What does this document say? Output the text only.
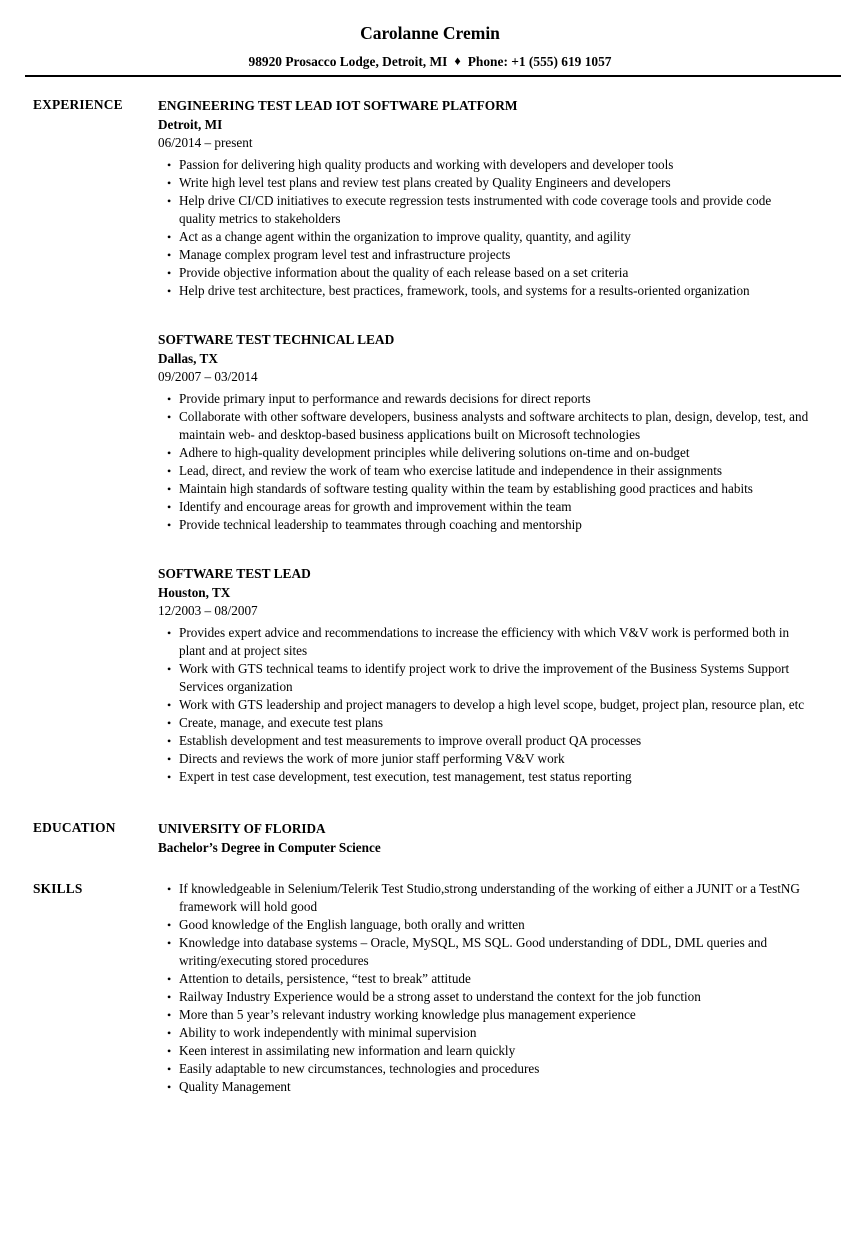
Carolanne Cremin
98920 Prosacco Lodge, Detroit, MI ♦ Phone: +1 (555) 619 1057
EXPERIENCE	ENGINEERING TEST LEAD IOT SOFTWARE PLATFORM
Detroit, MI
06/2014 – present
• Passion for delivering high quality products and working with developers and developer tools
• Write high level test plans and review test plans created by Quality Engineers and developers
• Help drive CI/CD initiatives to execute regression tests instrumented with code coverage tools and provide code quality metrics to stakeholders
• Act as a change agent within the organization to improve quality, quantity, and agility
• Manage complex program level test and infrastructure projects
• Provide objective information about the quality of each release based on a set criteria
• Help drive test architecture, best practices, framework, tools, and systems for a results-oriented organization
SOFTWARE TEST TECHNICAL LEAD
Dallas, TX
09/2007 – 03/2014
• Provide primary input to performance and rewards decisions for direct reports
• Collaborate with other software developers, business analysts and software architects to plan, design, develop, test, and maintain web- and desktop-based business applications built on Microsoft technologies
• Adhere to high-quality development principles while delivering solutions on-time and on-budget
• Lead, direct, and review the work of team who exercise latitude and independence in their assignments
• Maintain high standards of software testing quality within the team by establishing good practices and habits
• Identify and encourage areas for growth and improvement within the team
• Provide technical leadership to teammates through coaching and mentorship
SOFTWARE TEST LEAD
Houston, TX
12/2003 – 08/2007
• Provides expert advice and recommendations to increase the efficiency with which V&V work is performed both in plant and at project sites
• Work with GTS technical teams to identify project work to drive the improvement of the Business Systems Support Services organization
• Work with GTS leadership and project managers to develop a high level scope, budget, project plan, resource plan, etc
• Create, manage, and execute test plans
• Establish development and test measurements to improve overall product QA processes
• Directs and reviews the work of more junior staff performing V&V work
• Expert in test case development, test execution, test management, test status reporting
EDUCATION	UNIVERSITY OF FLORIDA
Bachelor’s Degree in Computer Science
SKILLS	• If knowledgeable in Selenium/Telerik Test Studio,strong understanding of the working of either a JUNIT or a TestNG framework will hold good
• Good knowledge of the English language, both orally and written
• Knowledge into database systems – Oracle, MySQL, MS SQL. Good understanding of DDL, DML queries and writing/executing stored procedures
• Attention to details, persistence, “test to break” attitude
• Railway Industry Experience would be a strong asset to understand the context for the job function
• More than 5 year’s relevant industry working knowledge plus management experience
• Ability to work independently with minimal supervision
• Keen interest in assimilating new information and learn quickly
• Easily adaptable to new circumstances, technologies and procedures
• Quality Management
